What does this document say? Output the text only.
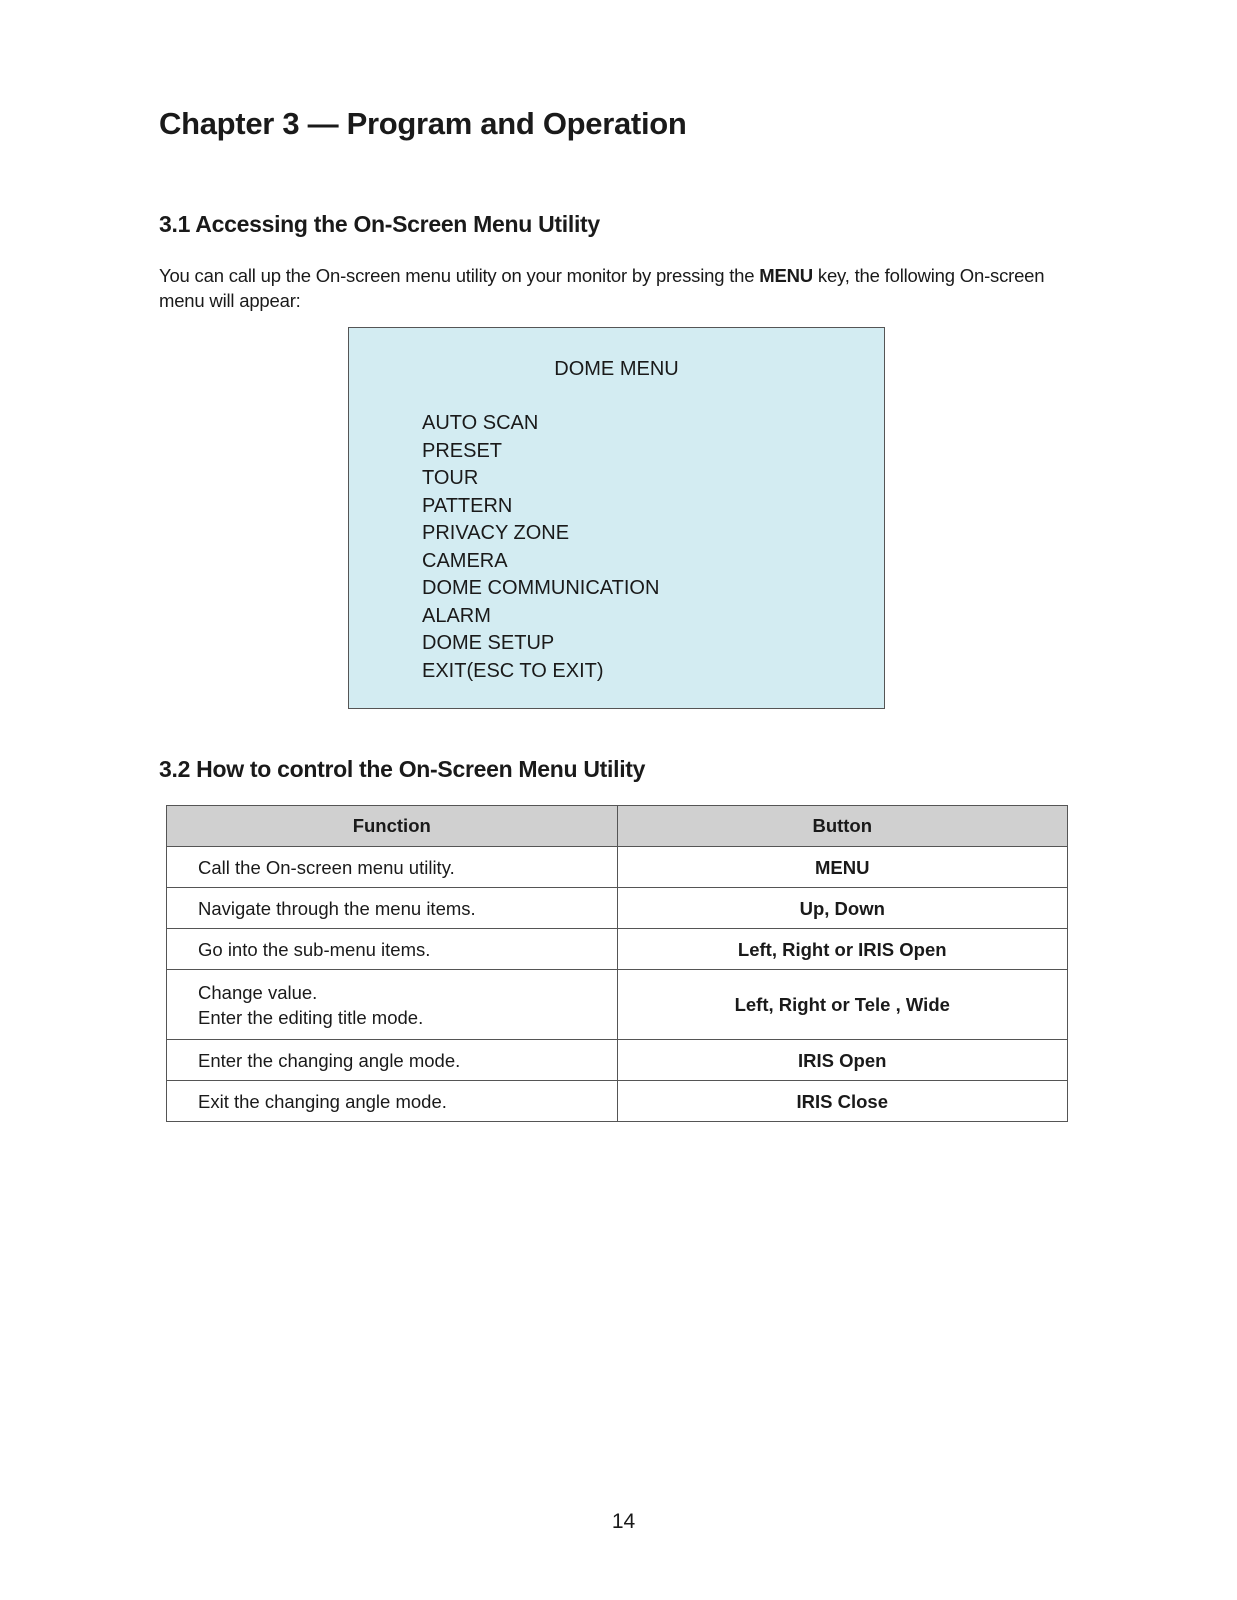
Chapter 3 — Program and Operation
3.1 Accessing the On-Screen Menu Utility

You can call up the On-screen menu utility on your monitor by pressing the MENU key, the following On-screen menu will appear:

DOME MENU
AUTO SCAN
PRESET
TOUR
PATTERN
PRIVACY ZONE
CAMERA
DOME COMMUNICATION
ALARM
DOME SETUP
EXIT(ESC TO EXIT)
3.2 How to control the On-Screen Menu Utility
Function	Button

Call the On-screen menu utility.	MENU

Navigate through the menu items.	Up, Down

Go into the sub-menu items.	Left, Right or IRIS Open

Change value.
Enter the editing title mode.	Left, Right or Tele , Wide

Enter the changing angle mode.	IRIS Open

Exit the changing angle mode.	IRIS Close
14
